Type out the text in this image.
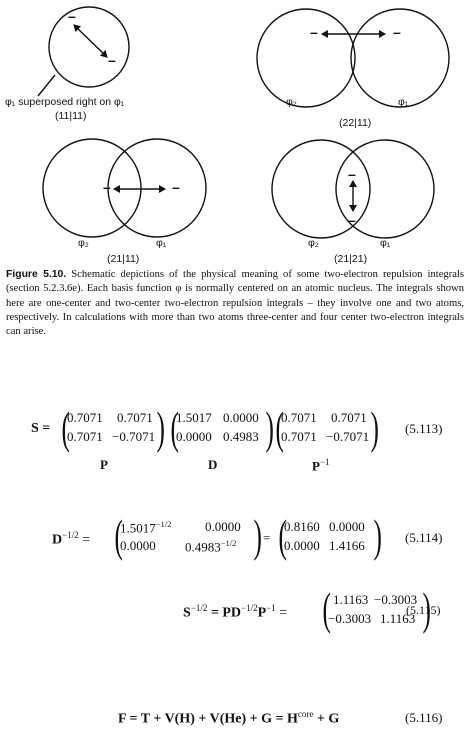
–
–
–	–
–	–
–
–
φ₁ superposed right on φ₁
(11|11)
φ₂	φ₁
(22|11)
φ₂	φ₁
(21|11)
φ₂	φ₁
(21|21)
Figure 5.10. Schematic depictions of the physical meaning of some two-electron repulsion integrals (section 5.2.3.6e). Each basis function φ is normally centered on an atomic nucleus. The integrals shown here are one-center and two-center two-electron repulsion integrals – they involve one and two atoms, respectively. In calculations with more than two atoms three-center and four center two-electron integrals can arise.
S = (
0.7071 0.7071
0.7071 −0.7071 ) (
1.5017 0.0000
0.0000 0.4983 ) (
0.7071 0.7071
0.7071 −0.7071 ) (5.113)
P	D	$P^{-1}$
$D^{-1/2}$ = (
$1.5017^{-1/2}$	0.0000
0.0000 $0.4983^{-1/2}$ ) = (
0.8160 0.0000
0.0000 1.4166 ) (5.114)
$S^{-1/2} = PD^{-1/2}P^{-1}$ = ( 1.1163 −0.3003
−0.3003 1.1163 )
(5.115)
$F = T + V(H) + V(He) + G = H^{core} + G$	(5.116)
